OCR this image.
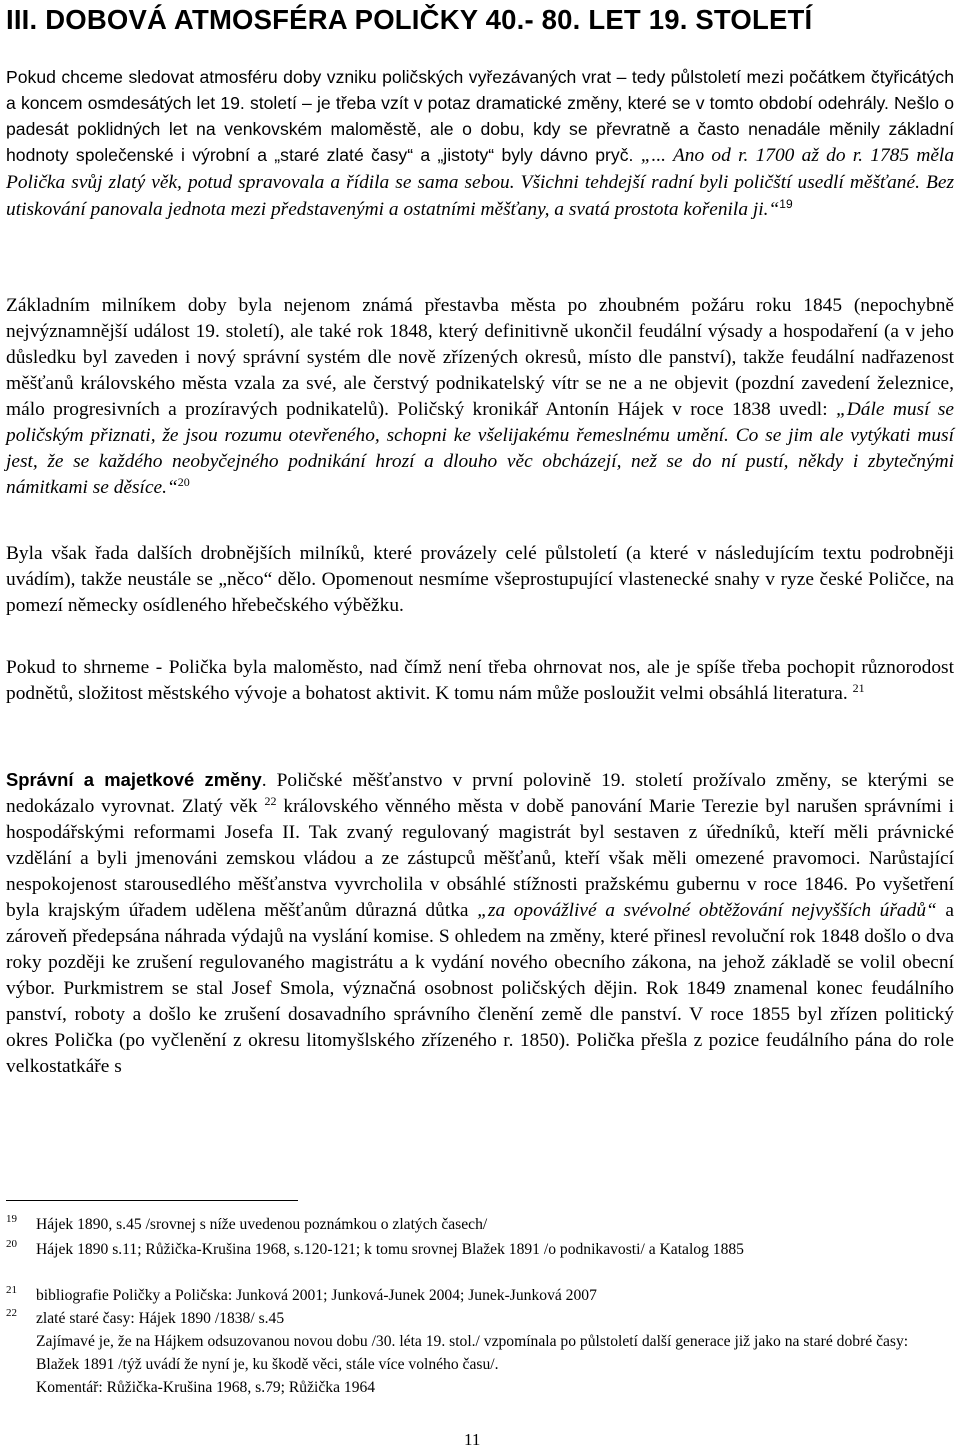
III. DOBOVÁ ATMOSFÉRA POLIČKY 40.- 80. LET 19. STOLETÍ
Pokud chceme sledovat atmosféru doby vzniku poličských vyřezávaných vrat – tedy půlstoletí mezi počátkem čtyřicátých a koncem osmdesátých let 19. století – je třeba vzít v potaz dramatické změny, které se v tomto období odehrály. Nešlo o padesát poklidných let na venkovském maloměstě, ale o dobu, kdy se převratně a často nenadále měnily základní hodnoty společenské i výrobní a „staré zlaté časy“ a „jistoty“ byly dávno pryč. „... Ano od r. 1700 až do r. 1785 měla Polička svůj zlatý věk, potud spravovala a řídila se sama sebou. Všichni tehdejší radní byli poličští usedlí měšťané. Bez utiskování panovala jednota mezi představenými a ostatními měšťany, a svatá prostota kořenila ji.“$^{19}$
Základním milníkem doby byla nejenom známá přestavba města po zhoubném požáru roku 1845 (nepochybně nejvýznamnější událost 19. století), ale také rok 1848, který definitivně ukončil feudální výsady a hospodaření (a v jeho důsledku byl zaveden i nový správní systém dle nově zřízených okresů, místo dle panství), takže feudální nadřazenost měšťanů královského města vzala za své, ale čerstvý podnikatelský vítr se ne a ne objevit (pozdní zavedení železnice, málo progresivních a prozíravých podnikatelů). Poličský kronikář Antonín Hájek v roce 1838 uvedl: „Dále musí se poličským přiznati, že jsou rozumu otevřeného, schopni ke všelijakému řemeslnému umění. Co se jim ale vytýkati musí jest, že se každého neobyčejného podnikání hrozí a dlouho věc obcházejí, než se do ní pustí, někdy i zbytečnými námitkami se děsíce.“$^{20}$
Byla však řada dalších drobnějších milníků, které provázely celé půlstoletí (a které v následujícím textu podrobněji uvádím), takže neustále se „něco“ dělo. Opomenout nesmíme všeprostupující vlastenecké snahy v ryze české Poličce, na pomezí německy osídleného hřebečského výběžku.
Pokud to shrneme - Polička byla maloměsto, nad čímž není třeba ohrnovat nos, ale je spíše třeba pochopit různorodost podnětů, složitost městského vývoje a bohatost aktivit. K tomu nám může posloužit velmi obsáhlá literatura. $^{21}$
Správní a majetkové změny. Poličské měšťanstvo v první polovině 19. století prožívalo změny, se kterými se nedokázalo vyrovnat. Zlatý věk $^{22}$ královského věnného města v době panování Marie Terezie byl narušen správními i hospodářskými reformami Josefa II. Tak zvaný regulovaný magistrát byl sestaven z úředníků, kteří měli právnické vzdělání a byli jmenováni zemskou vládou a ze zástupců měšťanů, kteří však měli omezené pravomoci. Narůstající nespokojenost starousedlého měšťanstva vyvrcholila v obsáhlé stížnosti pražskému gubernu v roce 1846. Po vyšetření byla krajským úřadem udělena měšťanům důrazná důtka „za opovážlivé a svévolné obtěžování nejvyšších úřadů“ a zároveň předepsána náhrada výdajů na vyslání komise. S ohledem na změny, které přinesl revoluční rok 1848 došlo o dva roky později ke zrušení regulovaného magistrátu a k vydání nového obecního zákona, na jehož základě se volil obecní výbor. Purkmistrem se stal Josef Smola, význačná osobnost poličských dějin. Rok 1849 znamenal konec feudálního panství, roboty a došlo ke zrušení dosavadního správního členění země dle panství. V roce 1855 byl zřízen politický okres Polička (po vyčlenění z okresu litomyšlského zřízeného r. 1850). Polička přešla z pozice feudálního pána do role velkostatkáře s
19 Hájek 1890, s.45 /srovnej s níže uvedenou poznámkou o zlatých časech/
20 Hájek 1890 s.11; Růžička-Krušina 1968, s.120-121; k tomu srovnej Blažek 1891 /o podnikavosti/ a Katalog 1885
21 bibliografie Poličky a Poličska: Junková 2001; Junková-Junek 2004; Junek-Junková 2007
22 zlaté staré časy: Hájek 1890 /1838/ s.45
Zajímavé je, že na Hájkem odsuzovanou novou dobu /30. léta 19. stol./ vzpomínala po půlstoletí další generace již jako na staré dobré časy: Blažek 1891 /týž uvádí že nyní je, ku škodě věci, stále více volného času/.
Komentář: Růžička-Krušina 1968, s.79; Růžička 1964
11
